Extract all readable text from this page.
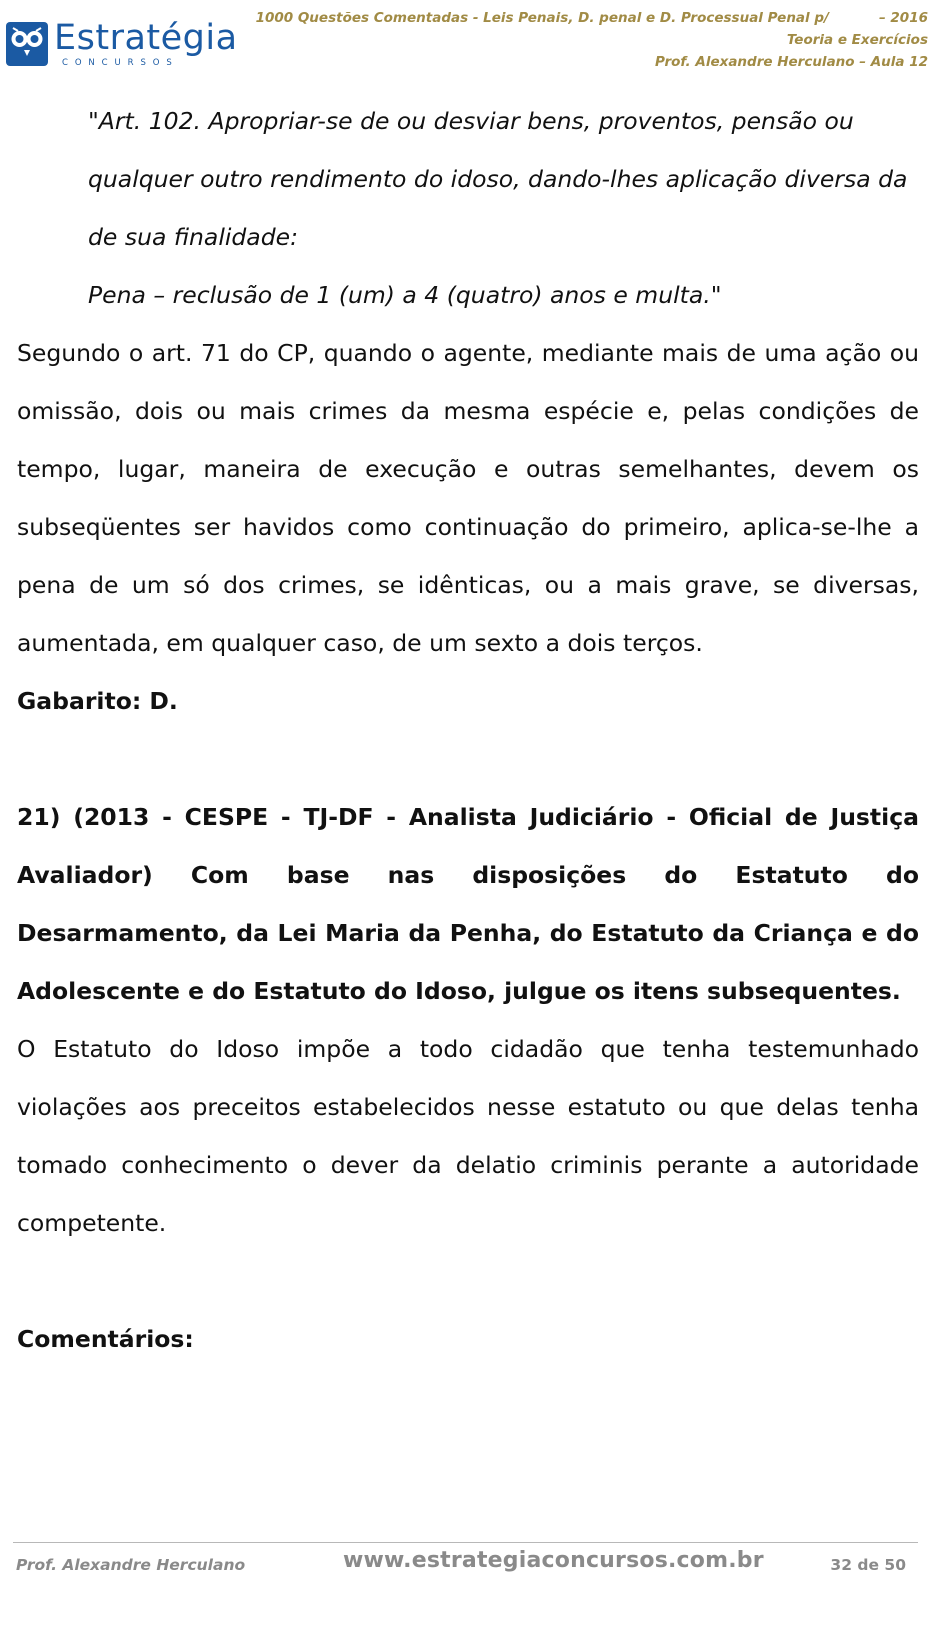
Estratégia
CONCURSOS
1000 Questões Comentadas - Leis Penais, D. penal e D. Processual Penal p/	– 2016
Teoria e Exercícios
Prof. Alexandre Herculano – Aula 12

"Art. 102. Apropriar-se de ou desviar bens, proventos, pensão ou qualquer outro rendimento do idoso, dando-lhes aplicação diversa da de sua finalidade:

Pena – reclusão de 1 (um) a 4 (quatro) anos e multa."

Segundo o art. 71 do CP, quando o agente, mediante mais de uma ação ou omissão, dois ou mais crimes da mesma espécie e, pelas condições de tempo, lugar, maneira de execução e outras semelhantes, devem os subseqüentes ser havidos como continuação do primeiro, aplica-se-lhe a pena de um só dos crimes, se idênticas, ou a mais grave, se diversas, aumentada, em qualquer caso, de um sexto a dois terços.

Gabarito: D.

21) (2013 - CESPE - TJ-DF - Analista Judiciário - Oficial de Justiça Avaliador) Com base nas disposições do Estatuto do Desarmamento, da Lei Maria da Penha, do Estatuto da Criança e do Adolescente e do Estatuto do Idoso, julgue os itens subsequentes.

O Estatuto do Idoso impõe a todo cidadão que tenha testemunhado violações aos preceitos estabelecidos nesse estatuto ou que delas tenha tomado conhecimento o dever da delatio criminis perante a autoridade competente.

Comentários:

Prof. Alexandre Herculano	www.estrategiaconcursos.com.br	32 de 50
